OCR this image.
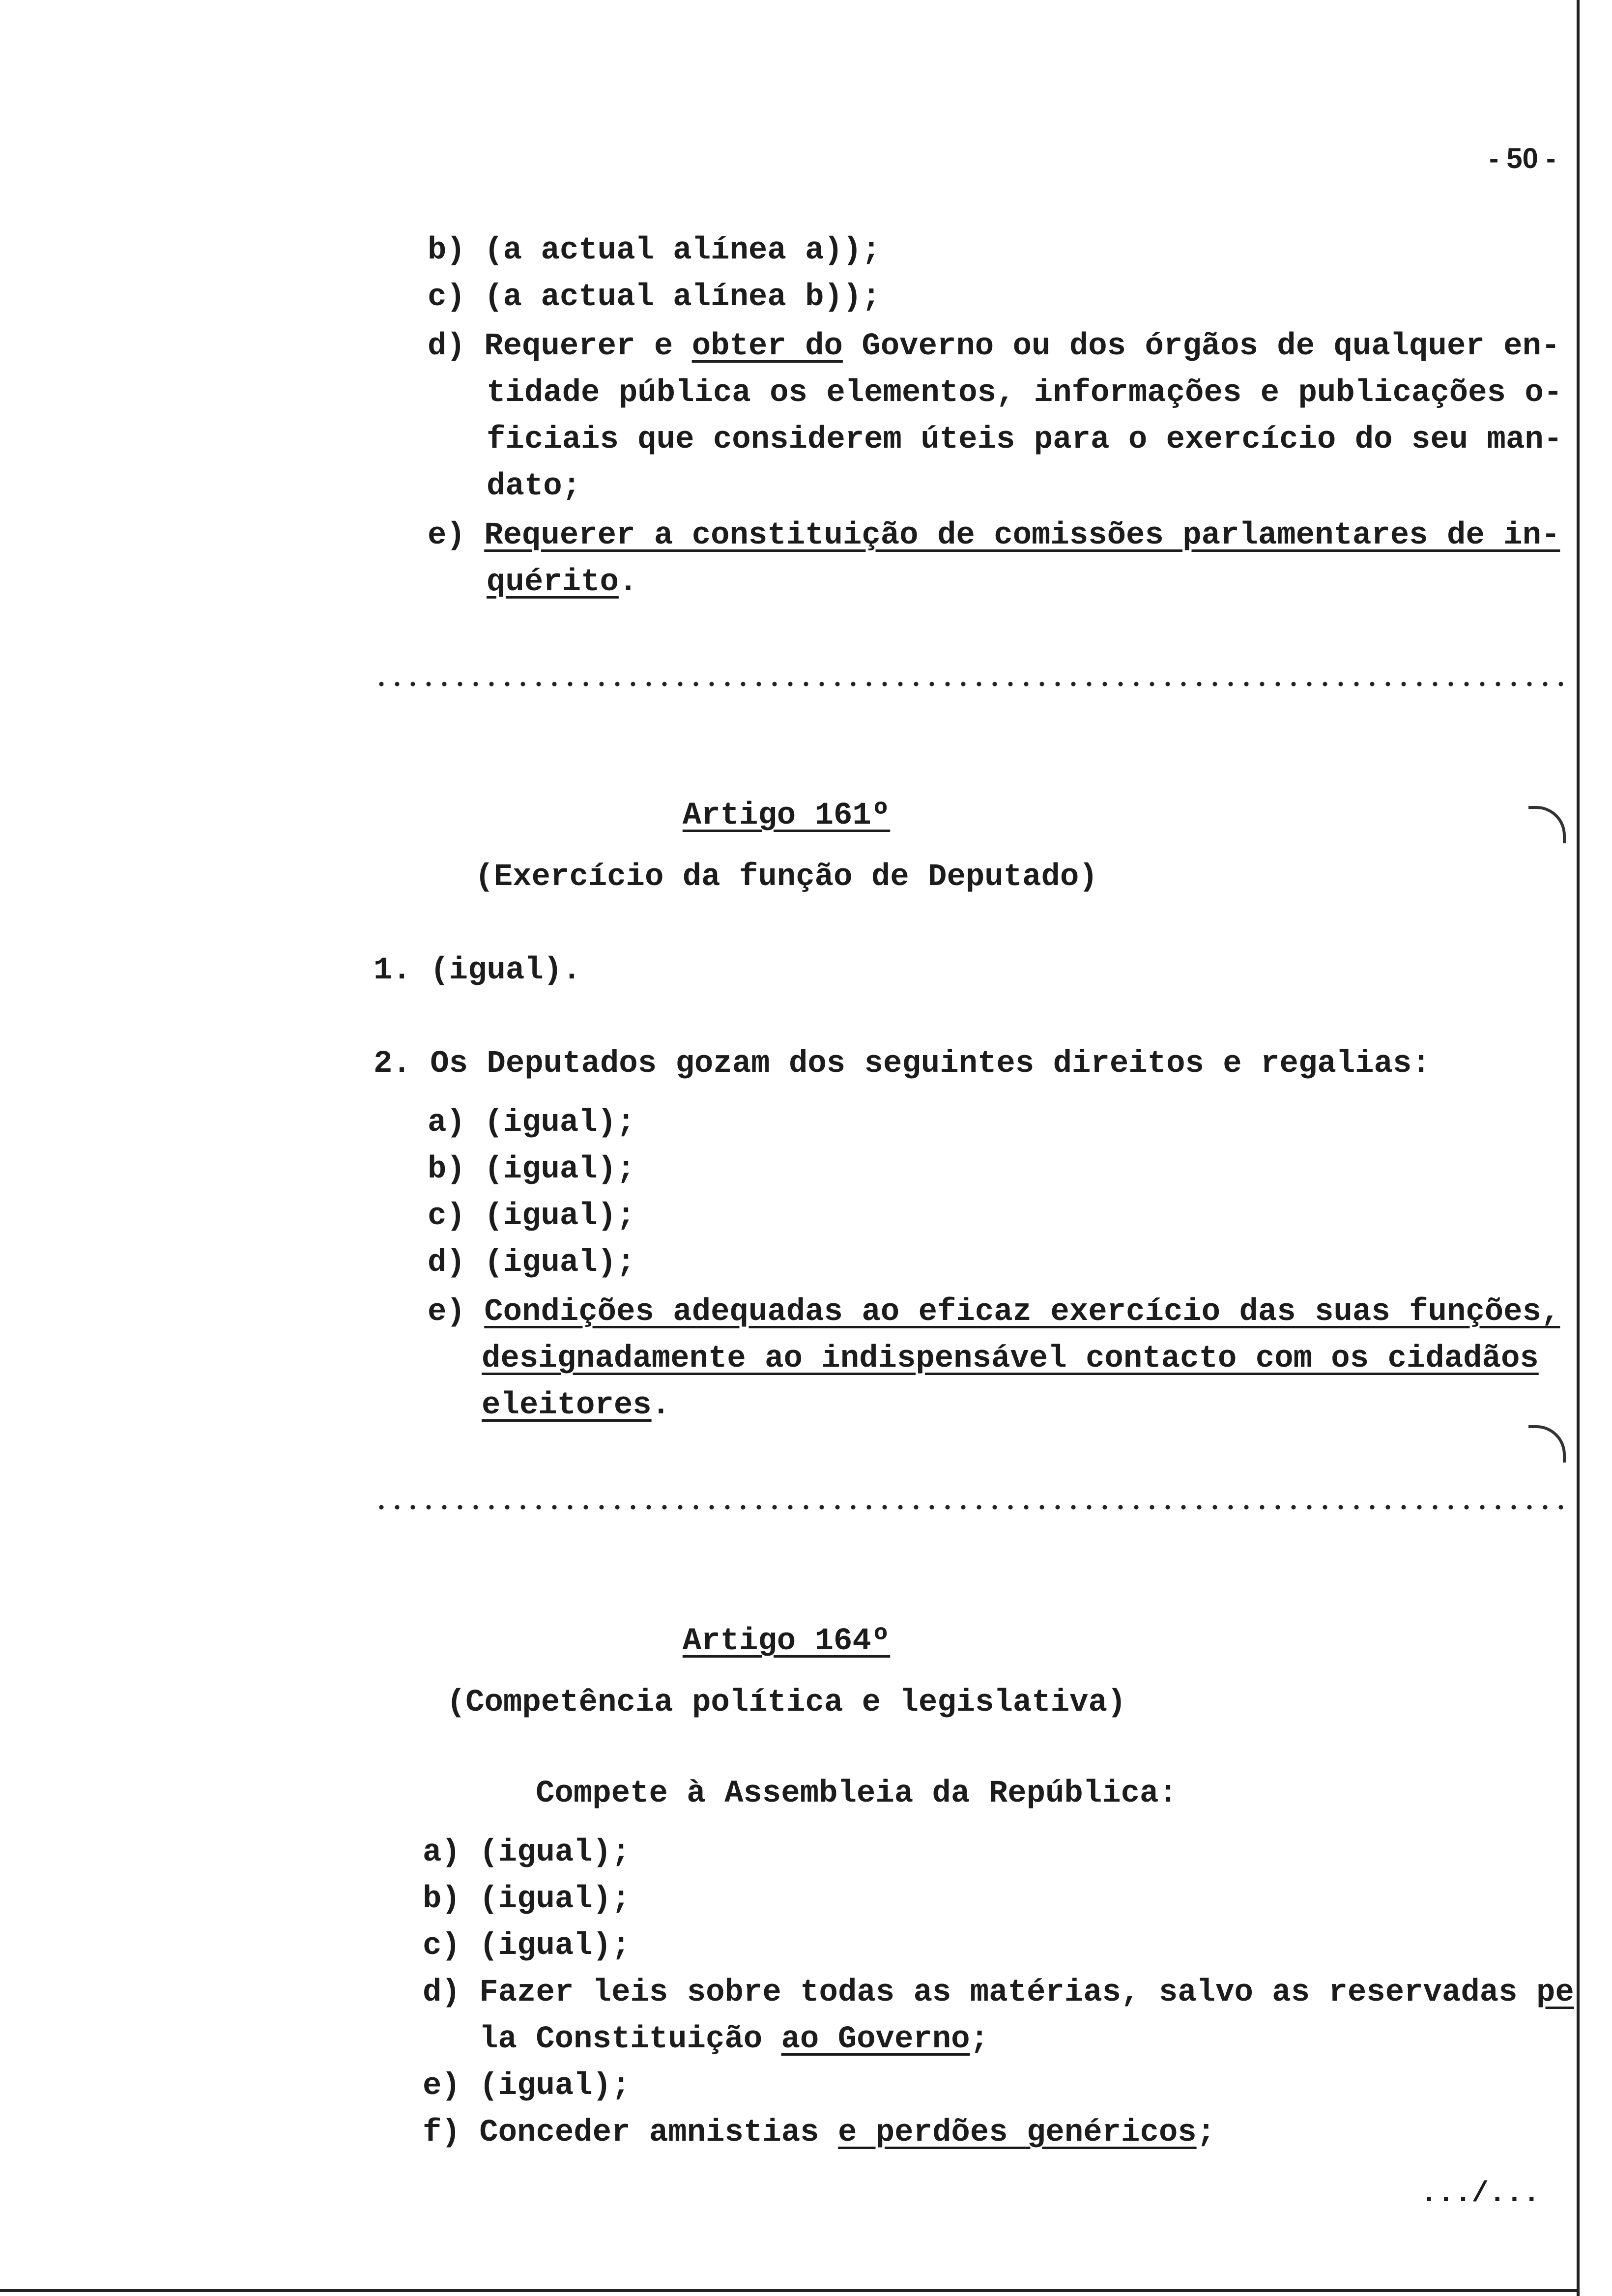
- 50 -
b) (a actual alínea a));
c) (a actual alínea b));
d) Requerer e obter do Governo ou dos órgãos de qualquer en-
tidade pública os elementos, informações e publicações o-
ficiais que considerem úteis para o exercício do seu man-
dato;
e) Requerer a constituição de comissões parlamentares de in-
quérito.
Artigo 161º
(Exercício da função de Deputado)
1. (igual).
2. Os Deputados gozam dos seguintes direitos e regalias:
a) (igual);
b) (igual);
c) (igual);
d) (igual);
e) Condições adequadas ao eficaz exercício das suas funções,
designadamente ao indispensável contacto com os cidadãos
eleitores.
Artigo 164º
(Competência política e legislativa)
Compete à Assembleia da República:
a) (igual);
b) (igual);
c) (igual);
d) Fazer leis sobre todas as matérias, salvo as reservadas pe
la Constituição ao Governo;
e) (igual);
f) Conceder amnistias e perdões genéricos;
.../...
